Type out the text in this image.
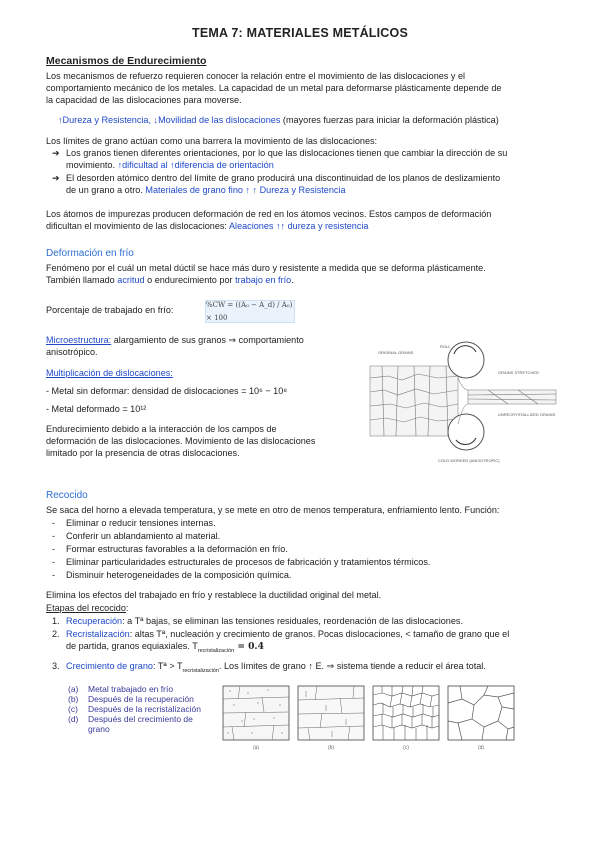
TEMA 7: MATERIALES METÁLICOS
Mecanismos de Endurecimiento
Los mecanismos de refuerzo requieren conocer la relación entre el movimiento de las dislocaciones y el
comportamiento mecánico de los metales. La capacidad de un metal para deformarse plásticamente depende de
la capacidad de las dislocaciones para moverse.
↑Dureza y Resistencia, ↓Movilidad de las dislocaciones (mayores fuerzas para iniciar la deformación plástica)
Los límites de grano actúan como una barrera la movimiento de las dislocaciones:
➔ Los granos tienen diferentes orientaciones, por lo que las dislocaciones tienen que cambiar la dirección de su
movimiento. ↑dificultad al ↑diferencia de orientación
➔ El desorden atómico dentro del límite de grano producirá una discontinuidad de los planos de deslizamiento
de un grano a otro. Materiales de grano fino ↑ ↑ Dureza y Resistencia
Los átomos de impurezas producen deformación de red en los átomos vecinos. Estos campos de deformación
dificultan el movimiento de las dislocaciones: Aleaciones ↑↑ dureza y resistencia
Deformación en frío
Fenómeno por el cuál un metal dúctil se hace más duro y resistente a medida que se deforma plásticamente.
También llamado acritud o endurecimiento por trabajo en frío.
Porcentaje de trabajado en frío:	%CW = ((A₀ − A_d) / A₀) × 100
Microestructura: alargamiento de sus granos ⇒ comportamiento
anisotrópico.
Multiplicación de dislocaciones:
- Metal sin deformar: densidad de dislocaciones = 10⁶ − 10⁸
- Metal deformado = 10¹²
Endurecimiento debido a la interacción de los campos de
deformación de las dislocaciones. Movimiento de las dislocaciones
limitado por la presencia de otras dislocaciones.
ORIGINAL GRAINS
ROLL
GRAINS STRETCHED
UNRECRYSTALLIZED GRAINS
COLD WORKED (ANISOTROPIC)
Recocido
Se saca del horno a elevada temperatura, y se mete en otro de menos temperatura, enfriamiento lento. Función:
- Eliminar o reducir tensiones internas.
- Conferir un ablandamiento al material.
- Formar estructuras favorables a la deformación en frío.
- Eliminar particularidades estructurales de procesos de fabricación y tratamientos térmicos.
- Disminuir heterogeneidades de la composición química.
Elimina los efectos del trabajado en frío y restablece la ductilidad original del metal.
Etapas del recocido:
1. Recuperación: a Tª bajas, se eliminan las tensiones residuales, reordenación de las dislocaciones.
2. Recristalización: altas Tª, nucleación y crecimiento de granos. Pocas dislocaciones, < tamaño de grano que el
de partida, granos equiaxiales. $T_{recristalización} = 0.4$
3. Crecimiento de grano: Tª > $T_{recristalización}$. Los límites de grano ↑ E. ⇒ sistema tiende a reducir el área total.
(a) Metal trabajado en frío
(b) Después de la recuperación
(c) Después de la recristalización
(d) Después del crecimiento de
grano
(a)	(b)	(c)	(d)
